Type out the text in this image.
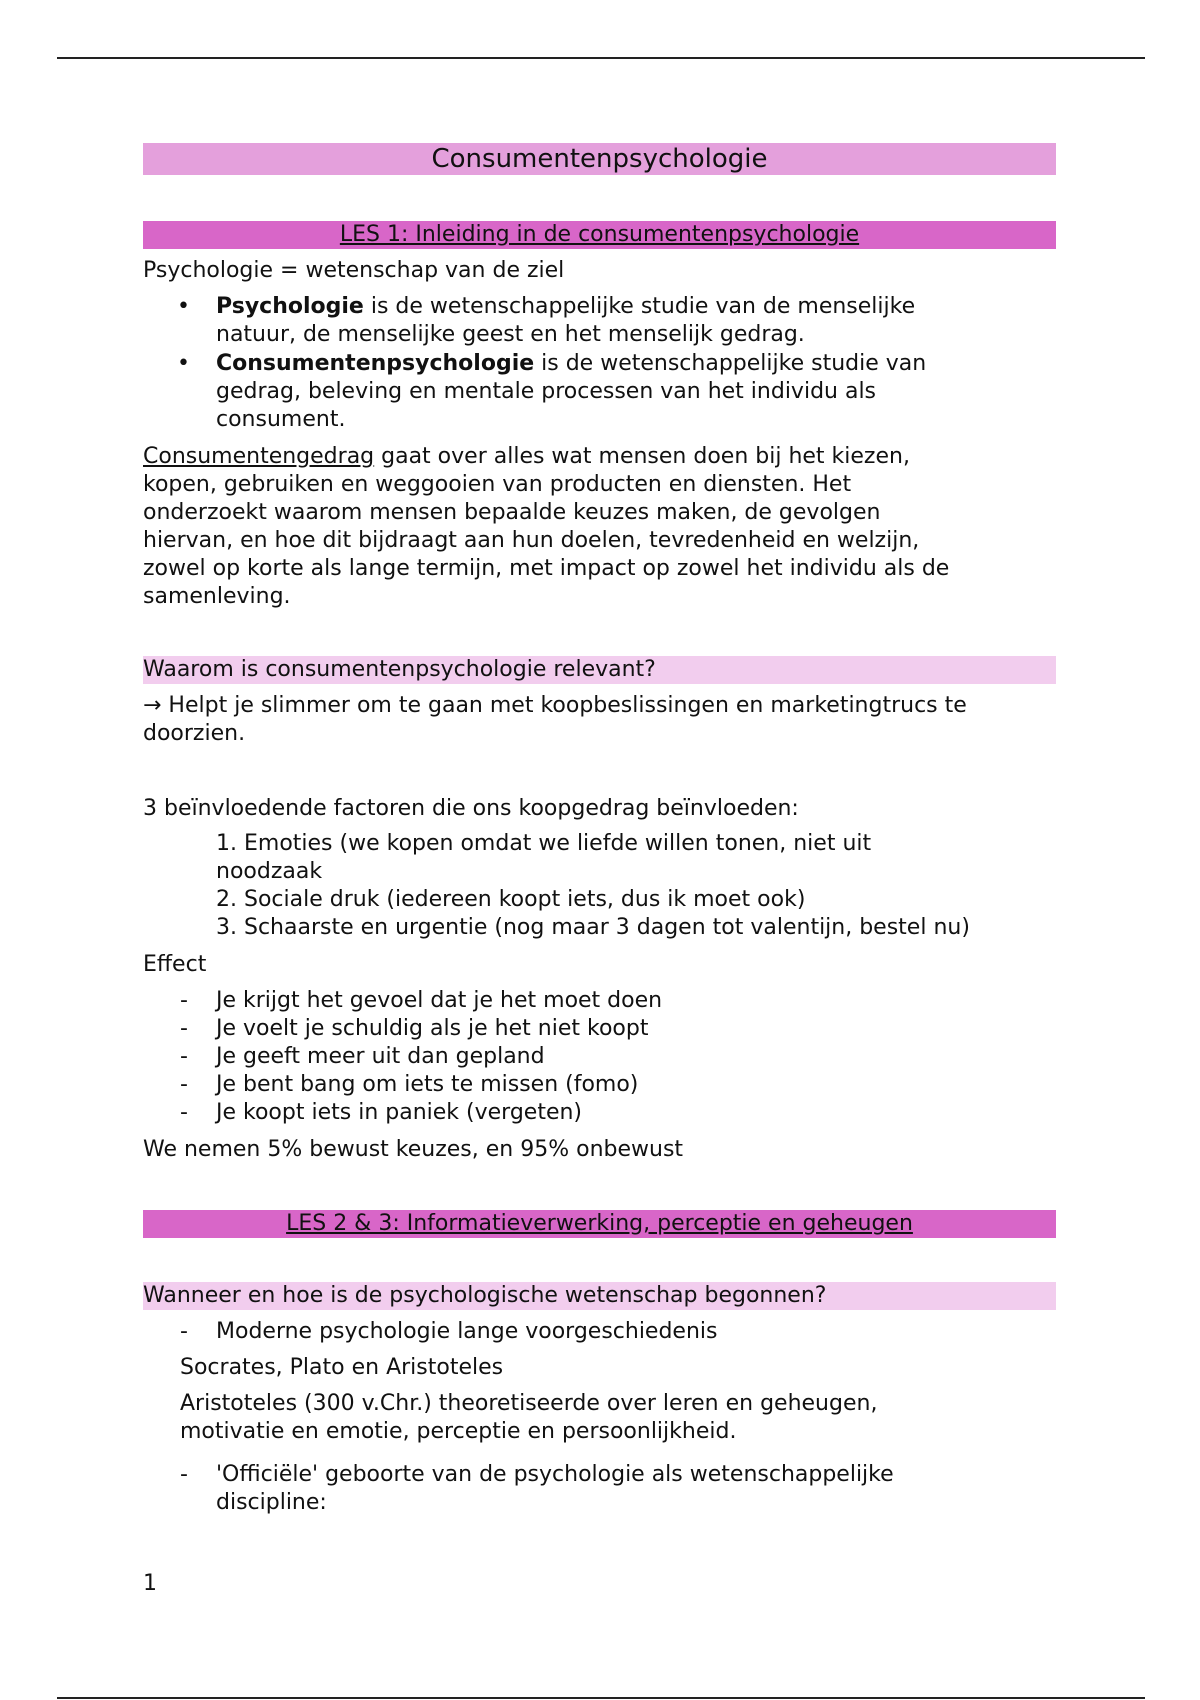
Consumentenpsychologie
LES 1: Inleiding in de consumentenpsychologie
Psychologie = wetenschap van de ziel
• Psychologie is de wetenschappelijke studie van de menselijke
natuur, de menselijke geest en het menselijk gedrag.
• Consumentenpsychologie is de wetenschappelijke studie van
gedrag, beleving en mentale processen van het individu als
consument.
Consumentengedrag gaat over alles wat mensen doen bij het kiezen,
kopen, gebruiken en weggooien van producten en diensten. Het
onderzoekt waarom mensen bepaalde keuzes maken, de gevolgen
hiervan, en hoe dit bijdraagt aan hun doelen, tevredenheid en welzijn,
zowel op korte als lange termijn, met impact op zowel het individu als de
samenleving.
Waarom is consumentenpsychologie relevant?
→ Helpt je slimmer om te gaan met koopbeslissingen en marketingtrucs te
doorzien.
3 beïnvloedende factoren die ons koopgedrag beïnvloeden:
1. Emoties (we kopen omdat we liefde willen tonen, niet uit
noodzaak
2. Sociale druk (iedereen koopt iets, dus ik moet ook)
3. Schaarste en urgentie (nog maar 3 dagen tot valentijn, bestel nu)
Effect
- Je krijgt het gevoel dat je het moet doen
- Je voelt je schuldig als je het niet koopt
- Je geeft meer uit dan gepland
- Je bent bang om iets te missen (fomo)
- Je koopt iets in paniek (vergeten)
We nemen 5% bewust keuzes, en 95% onbewust
LES 2 & 3: Informatieverwerking, perceptie en geheugen
Wanneer en hoe is de psychologische wetenschap begonnen?
- Moderne psychologie lange voorgeschiedenis
Socrates, Plato en Aristoteles
Aristoteles (300 v.Chr.) theoretiseerde over leren en geheugen,
motivatie en emotie, perceptie en persoonlijkheid.
- 'Officiële' geboorte van de psychologie als wetenschappelijke
discipline:
1
